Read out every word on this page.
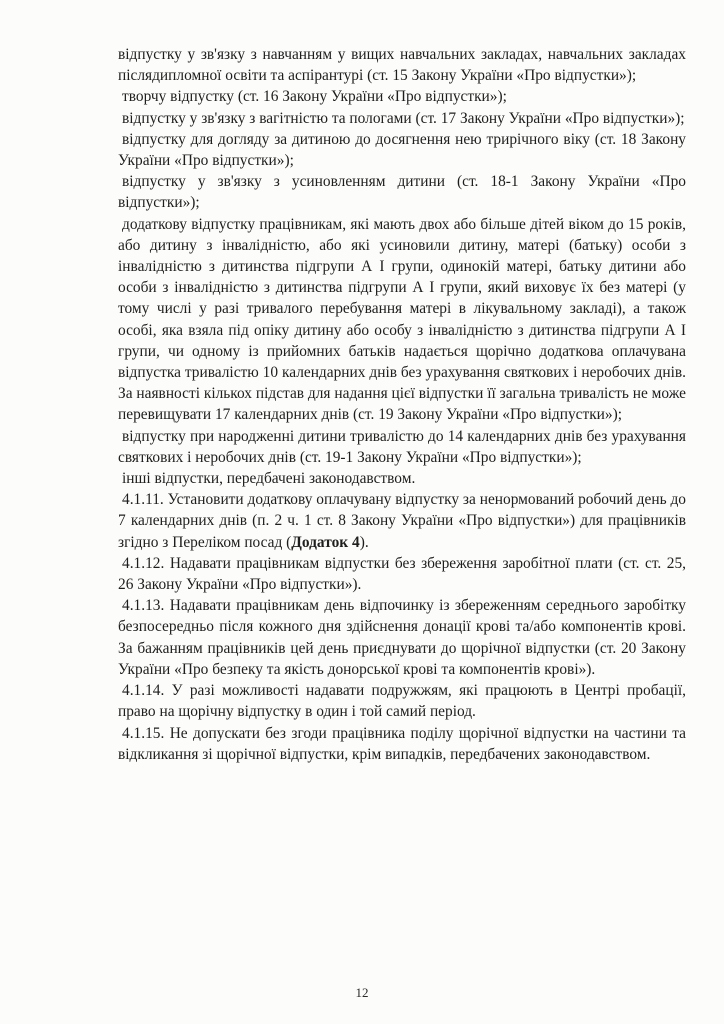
відпустку у зв'язку з навчанням у вищих навчальних закладах, навчальних закладах післядипломної освіти та аспірантурі (ст. 15 Закону України «Про відпустки»);

творчу відпустку (ст. 16 Закону України «Про відпустки»);

відпустку у зв'язку з вагітністю та пологами (ст. 17 Закону України «Про відпустки»);

відпустку для догляду за дитиною до досягнення нею трирічного віку (ст. 18 Закону України «Про відпустки»);

відпустку у зв'язку з усиновленням дитини (ст. 18-1 Закону України «Про відпустки»);

додаткову відпустку працівникам, які мають двох або більше дітей віком до 15 років, або дитину з інвалідністю, або які усиновили дитину, матері (батьку) особи з інвалідністю з дитинства підгрупи А І групи, одинокій матері, батьку дитини або особи з інвалідністю з дитинства підгрупи А І групи, який виховує їх без матері (у тому числі у разі тривалого перебування матері в лікувальному закладі), а також особі, яка взяла під опіку дитину або особу з інвалідністю з дитинства підгрупи А І групи, чи одному із прийомних батьків надається щорічно додаткова оплачувана відпустка тривалістю 10 календарних днів без урахування святкових і неробочих днів. За наявності кількох підстав для надання цієї відпустки її загальна тривалість не може перевищувати 17 календарних днів (ст. 19 Закону України «Про відпустки»);

відпустку при народженні дитини тривалістю до 14 календарних днів без урахування святкових і неробочих днів (ст. 19-1 Закону України «Про відпустки»);

інші відпустки, передбачені законодавством.

4.1.11. Установити додаткову оплачувану відпустку за ненормований робочий день до 7 календарних днів (п. 2 ч. 1 ст. 8 Закону України «Про відпустки») для працівників згідно з Переліком посад (Додаток 4).

4.1.12. Надавати працівникам відпустки без збереження заробітної плати (ст. ст. 25, 26 Закону України «Про відпустки»).

4.1.13. Надавати працівникам день відпочинку із збереженням середнього заробітку безпосередньо після кожного дня здійснення донації крові та/або компонентів крові. За бажанням працівників цей день приєднувати до щорічної відпустки (ст. 20 Закону України «Про безпеку та якість донорської крові та компонентів крові»).

4.1.14. У разі можливості надавати подружжям, які працюють в Центрі пробації, право на щорічну відпустку в один і той самий період.

4.1.15. Не допускати без згоди працівника поділу щорічної відпустки на частини та відкликання зі щорічної відпустки, крім випадків, передбачених законодавством.

12
